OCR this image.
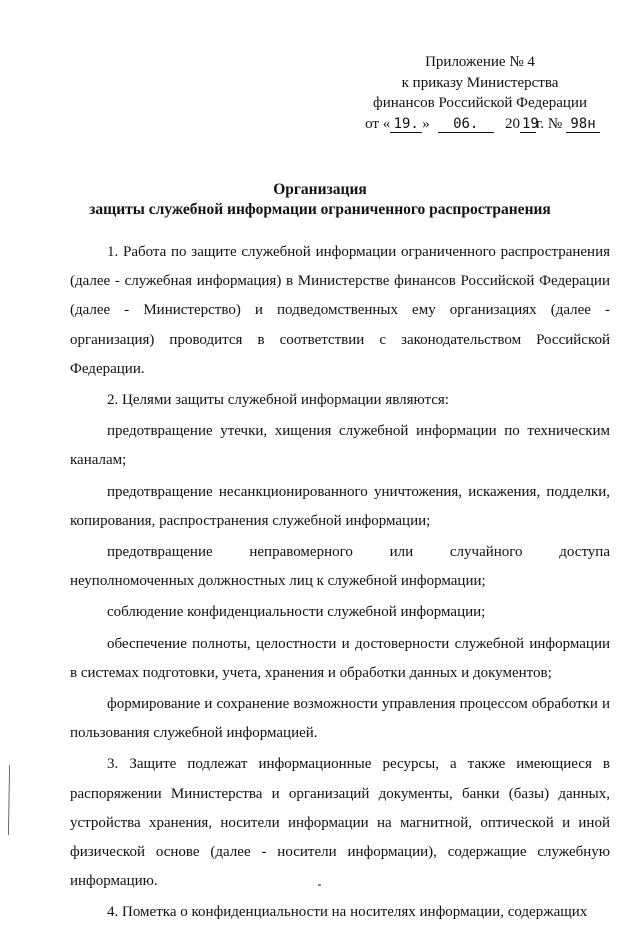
Приложение № 4
к приказу Министерства
финансов Российской Федерации
от « 19. » 06. 20 19г. № 98н
Организация
защиты служебной информации ограниченного распространения

1. Работа по защите служебной информации ограниченного распространения (далее - служебная информация) в Министерстве финансов Российской Федерации (далее - Министерство) и подведомственных ему организациях (далее - организация) проводится в соответствии с законодательством Российской Федерации.

2. Целями защиты служебной информации являются:

предотвращение утечки, хищения служебной информации по техническим каналам;

предотвращение несанкционированного уничтожения, искажения, подделки, копирования, распространения служебной информации;

предотвращение неправомерного или случайного доступа

неуполномоченных должностных лиц к служебной информации;

соблюдение конфиденциальности служебной информации;

обеспечение полноты, целостности и достоверности служебной информации в системах подготовки, учета, хранения и обработки данных и документов;

формирование и сохранение возможности управления процессом обработки и пользования служебной информацией.

3. Защите подлежат информационные ресурсы, а также имеющиеся в распоряжении Министерства и организаций документы, банки (базы) данных, устройства хранения, носители информации на магнитной, оптической и иной физической основе (далее - носители информации), содержащие служебную информацию.

4. Пометка о конфиденциальности на носителях информации, содержащих
